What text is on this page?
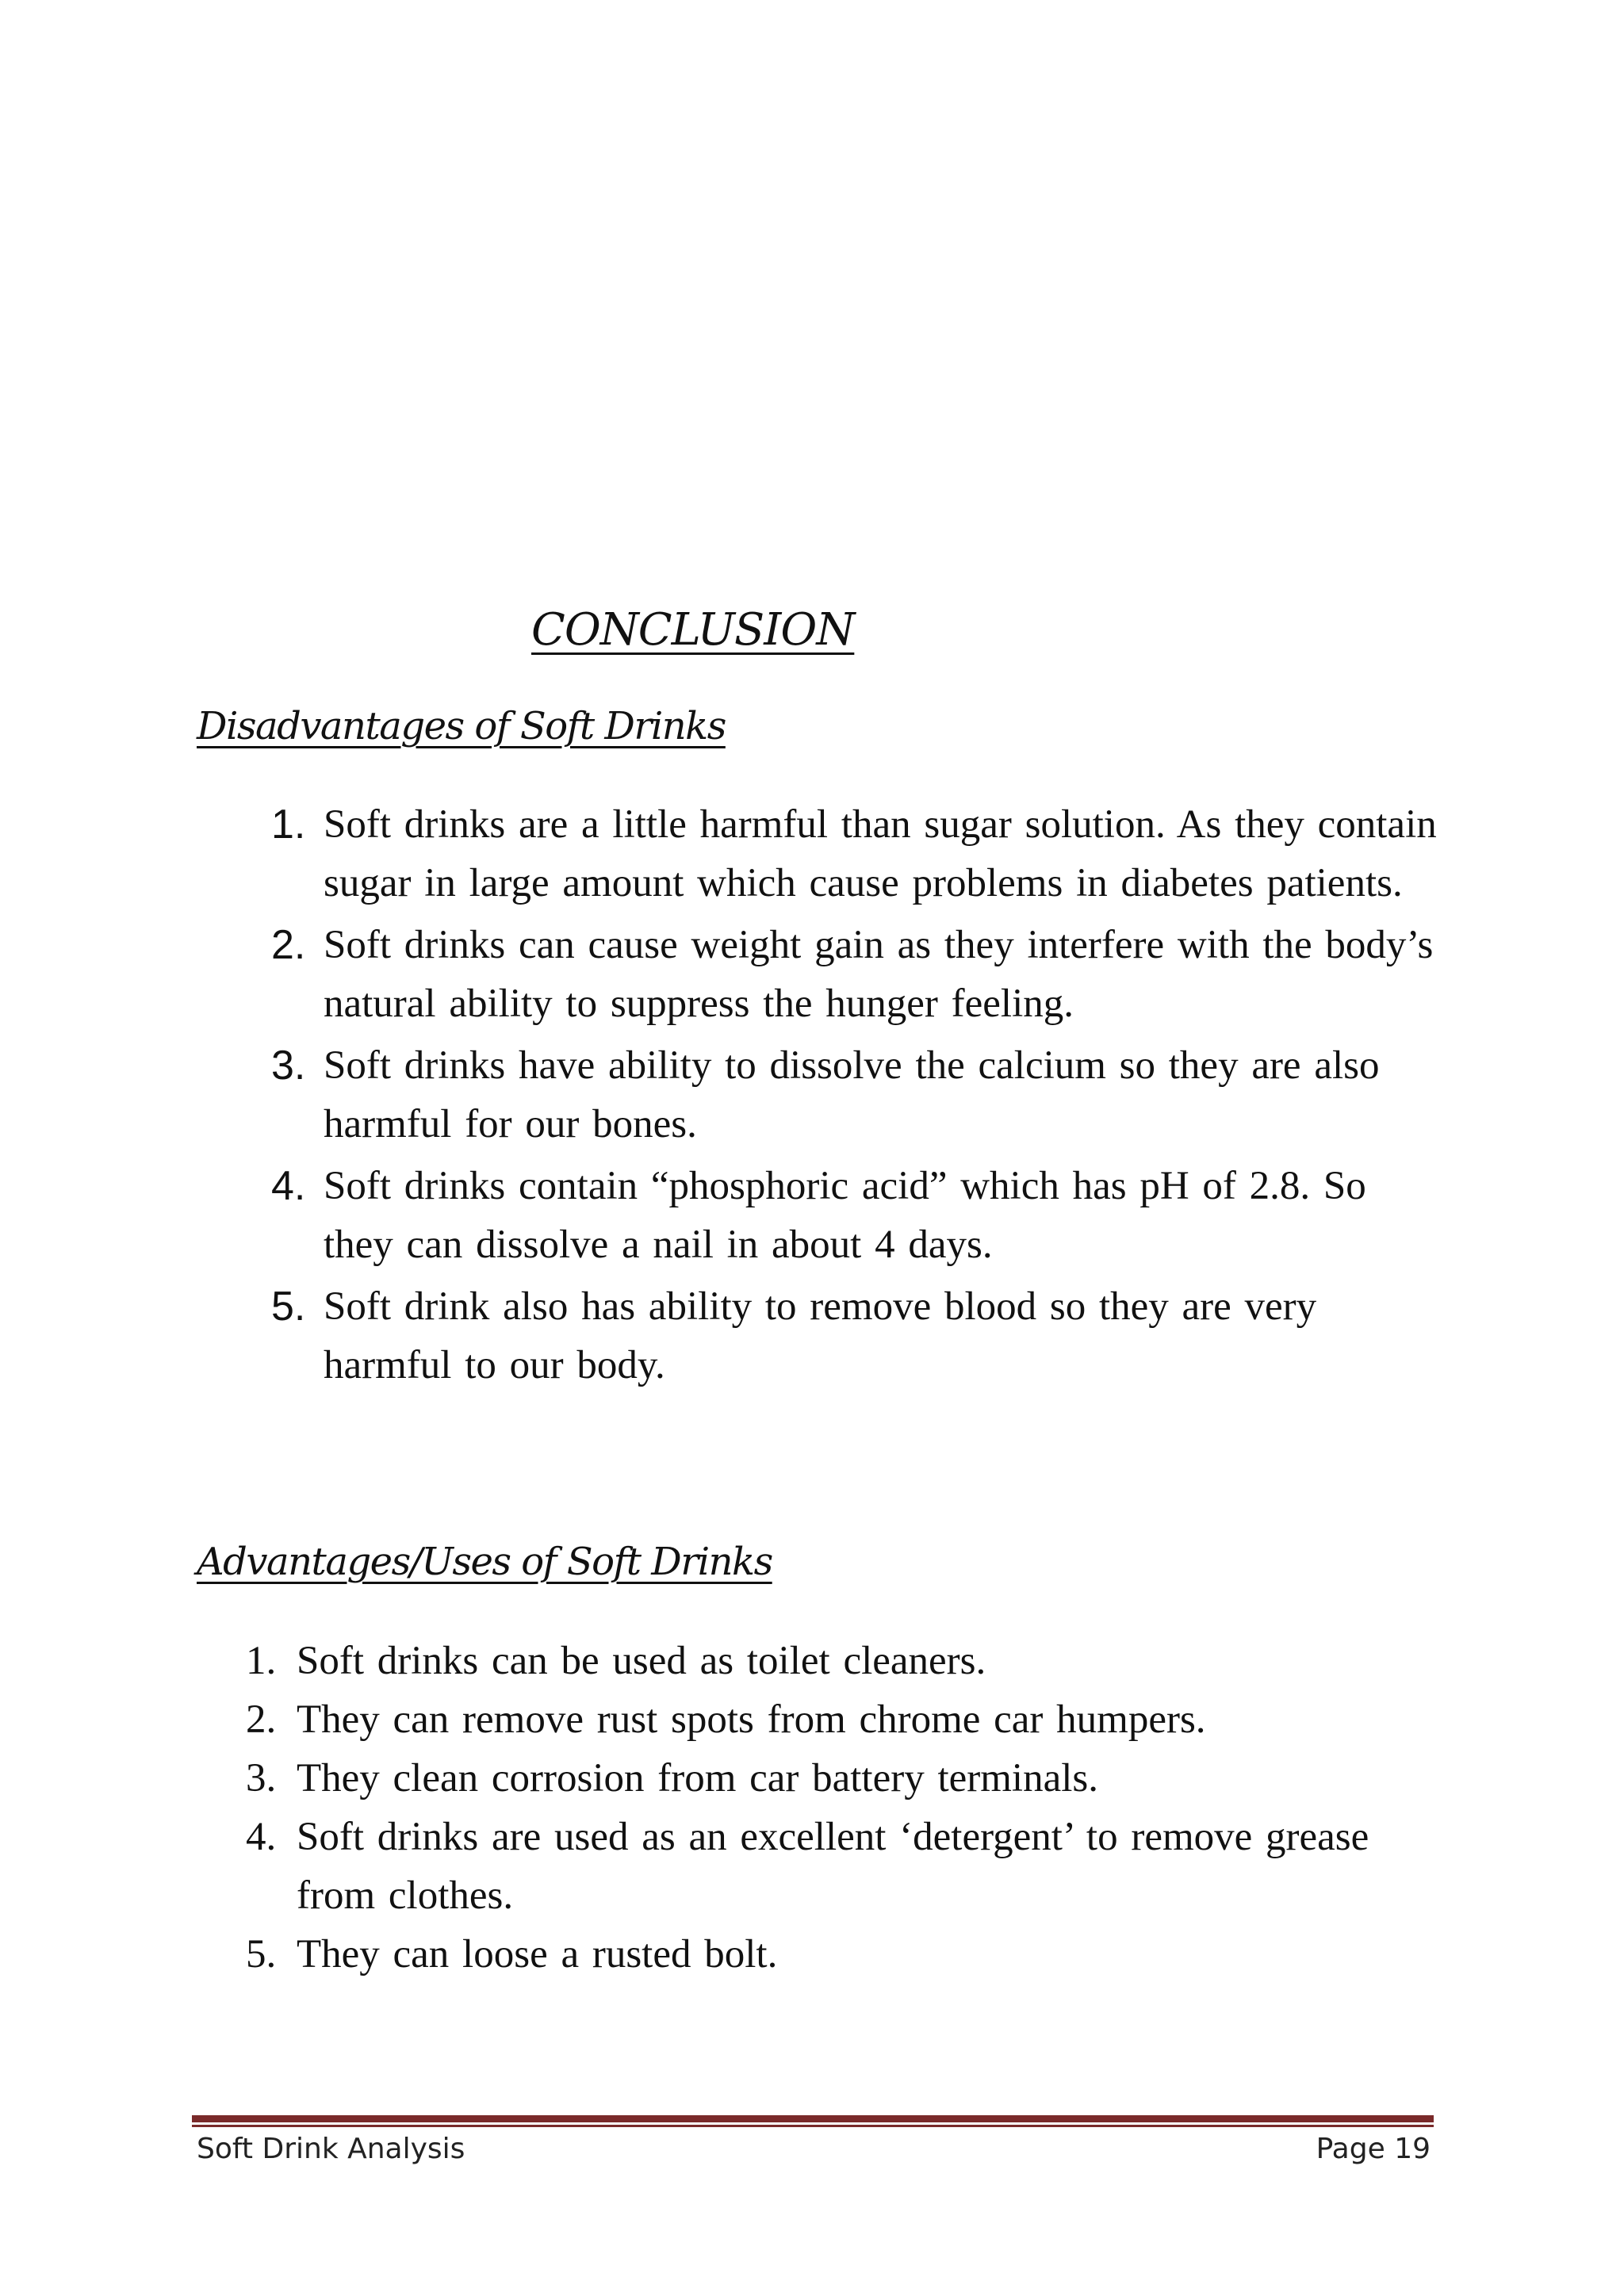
CONCLUSION
Disadvantages of Soft Drinks
1. Soft drinks are a little harmful than sugar solution. As they contain sugar in large amount which cause problems in diabetes patients.
2. Soft drinks can cause weight gain as they interfere with the body’s natural ability to suppress the hunger feeling.
3. Soft drinks have ability to dissolve the calcium so they are also harmful for our bones.
4. Soft drinks contain “phosphoric acid” which has pH of 2.8. So they can dissolve a nail in about 4 days.
5. Soft drink also has ability to remove blood so they are very harmful to our body.
Advantages/Uses of Soft Drinks
1. Soft drinks can be used as toilet cleaners.
2. They can remove rust spots from chrome car humpers.
3. They clean corrosion from car battery terminals.
4. Soft drinks are used as an excellent ‘detergent’ to remove grease from clothes.
5. They can loose a rusted bolt.
Soft Drink Analysis	Page 19
